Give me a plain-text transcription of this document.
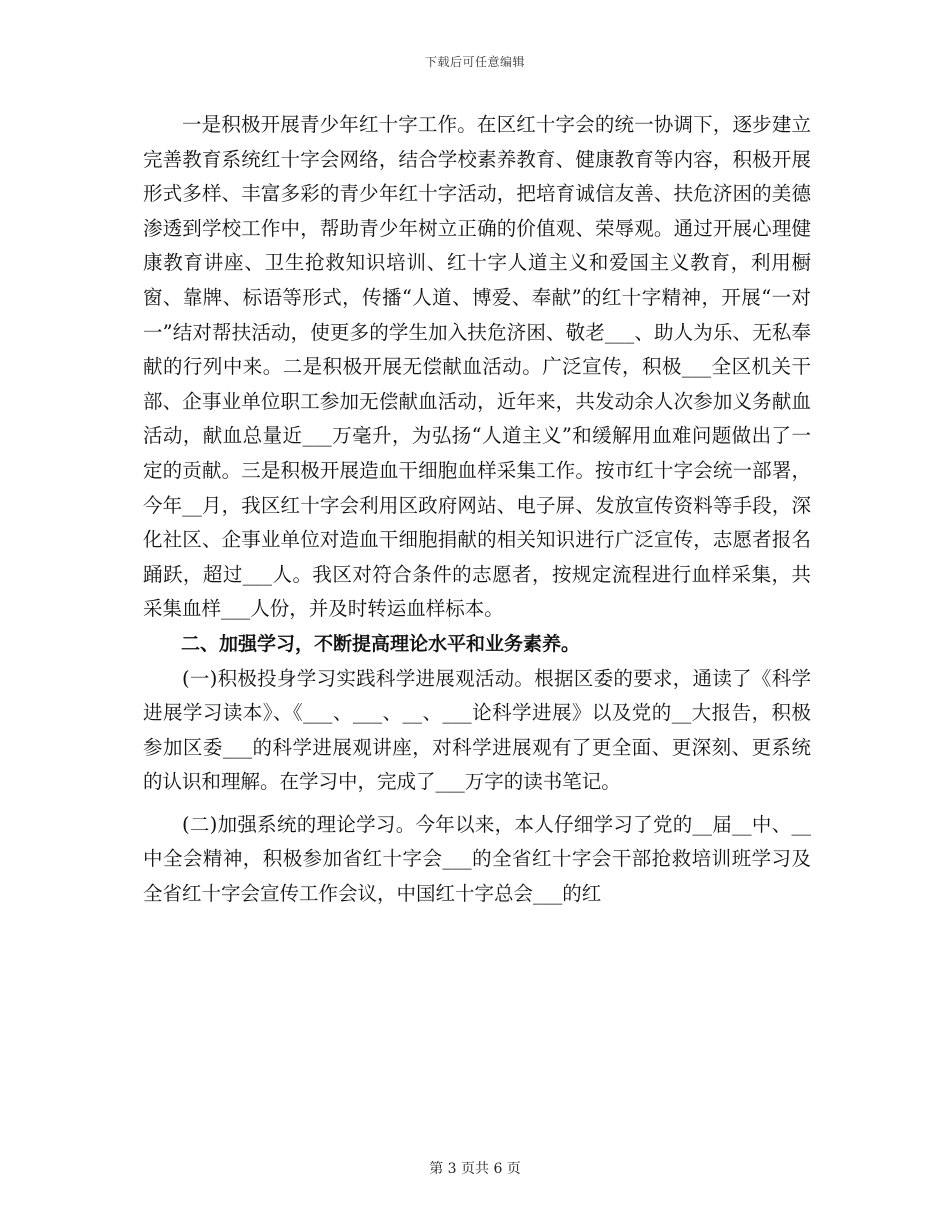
下载后可任意编辑

一是积极开展青少年红十字工作。在区红十字会的统一协调下，逐步建立完善教育系统红十字会网络，结合学校素养教育、健康教育等内容，积极开展形式多样、丰富多彩的青少年红十字活动，把培育诚信友善、扶危济困的美德渗透到学校工作中，帮助青少年树立正确的价值观、荣辱观。通过开展心理健康教育讲座、卫生抢救知识培训、红十字人道主义和爱国主义教育，利用橱窗、靠牌、标语等形式，传播“人道、博爱、奉献”的红十字精神，开展“一对一”结对帮扶活动，使更多的学生加入扶危济困、敬老___、助人为乐、无私奉献的行列中来。二是积极开展无偿献血活动。广泛宣传，积极___全区机关干部、企事业单位职工参加无偿献血活动，近年来，共发动余人次参加义务献血活动，献血总量近___万毫升，为弘扬“人道主义”和缓解用血难问题做出了一定的贡献。三是积极开展造血干细胞血样采集工作。按市红十字会统一部署，今年__月，我区红十字会利用区政府网站、电子屏、发放宣传资料等手段，深化社区、企事业单位对造血干细胞捐献的相关知识进行广泛宣传，志愿者报名踊跃，超过___人。我区对符合条件的志愿者，按规定流程进行血样采集，共采集血样___人份，并及时转运血样标本。

二、加强学习，不断提高理论水平和业务素养。

(一)积极投身学习实践科学进展观活动。根据区委的要求，通读了《科学进展学习读本》、《___、___、__、___论科学进展》以及党的__大报告，积极参加区委___的科学进展观讲座，对科学进展观有了更全面、更深刻、更系统的认识和理解。在学习中，完成了___万字的读书笔记。

(二)加强系统的理论学习。今年以来，本人仔细学习了党的__届__中、__中全会精神，积极参加省红十字会___的全省红十字会干部抢救培训班学习及全省红十字会宣传工作会议，中国红十字总会___的红

第 3 页共 6 页
